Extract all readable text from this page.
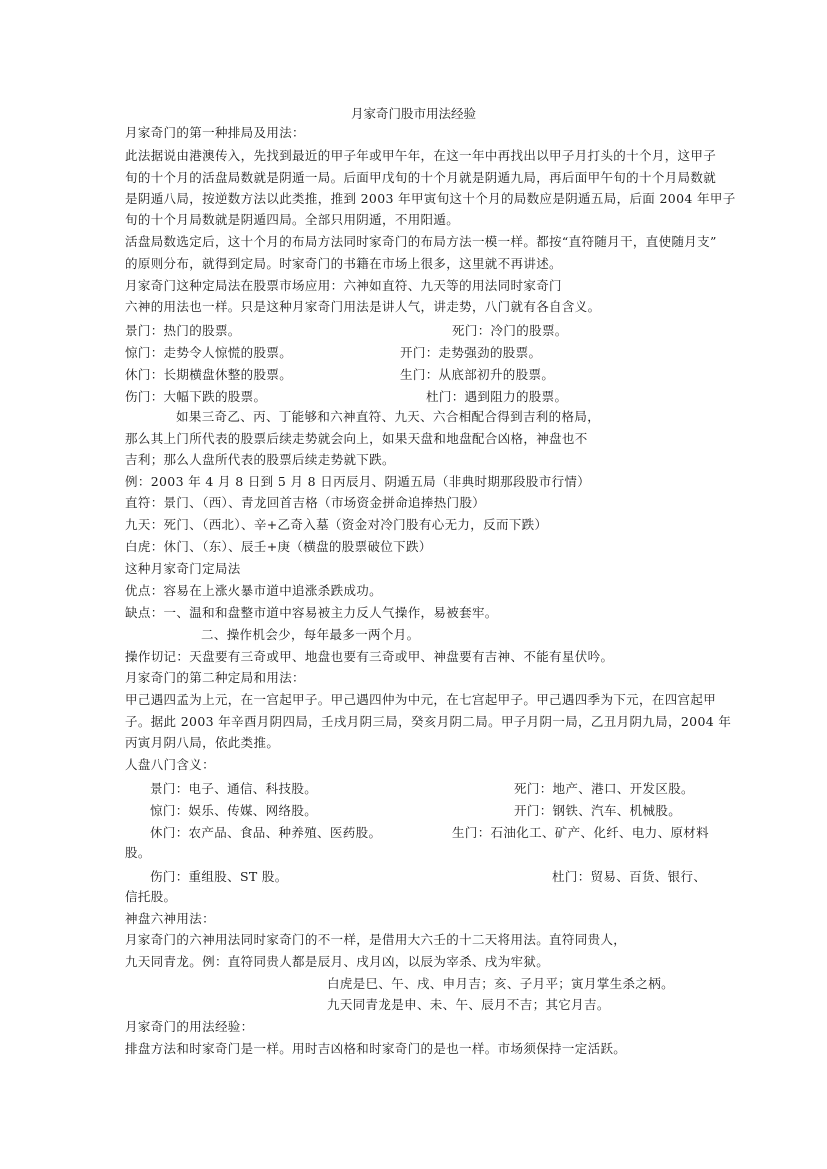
月家奇门股市用法经验
月家奇门的第一种排局及用法：
此法据说由港澳传入，先找到最近的甲子年或甲午年，在这一年中再找出以甲子月打头的十个月，这甲子
旬的十个月的活盘局数就是阴遁一局。后面甲戊旬的十个月就是阴遁九局，再后面甲午旬的十个月局数就
是阴遁八局，按逆数方法以此类推，推到 2003 年甲寅旬这十个月的局数应是阴遁五局，后面 2004 年甲子
旬的十个月局数就是阴遁四局。全部只用阴遁，不用阳遁。
活盘局数选定后，这十个月的布局方法同时家奇门的布局方法一模一样。都按“直符随月干，直使随月支”
的原则分布，就得到定局。时家奇门的书籍在市场上很多，这里就不再讲述。
月家奇门这种定局法在股票市场应用：六神如直符、九天等的用法同时家奇门
六神的用法也一样。只是这种月家奇门用法是讲人气，讲走势，八门就有各自含义。
景门：热门的股票。	死门：冷门的股票。
惊门：走势令人惊慌的股票。	开门：走势强劲的股票。
休门：长期横盘休整的股票。	生门：从底部初升的股票。
伤门：大幅下跌的股票。	杜门：遇到阻力的股票。
如果三奇乙、丙、丁能够和六神直符、九天、六合相配合得到吉利的格局，
那么其上门所代表的股票后续走势就会向上，如果天盘和地盘配合凶格，神盘也不
吉利；那么人盘所代表的股票后续走势就下跌。
例：2003 年 4 月 8 日到 5 月 8 日丙辰月、阴遁五局（非典时期那段股市行情）
直符：景门、（西）、青龙回首吉格（市场资金拼命追捧热门股）
九天：死门、（西北）、辛+乙奇入墓（资金对冷门股有心无力，反而下跌）
白虎：休门、（东）、辰壬+庚（横盘的股票破位下跌）
这种月家奇门定局法
优点：容易在上涨火暴市道中追涨杀跌成功。
缺点：一、温和和盘整市道中容易被主力反人气操作，易被套牢。
二、操作机会少，每年最多一两个月。
操作切记：天盘要有三奇或甲、地盘也要有三奇或甲、神盘要有吉神、不能有星伏吟。
月家奇门的第二种定局和用法：
甲己遇四孟为上元，在一宫起甲子。甲己遇四仲为中元，在七宫起甲子。甲己遇四季为下元，在四宫起甲
子。据此 2003 年辛酉月阴四局，壬戌月阴三局，癸亥月阴二局。甲子月阴一局，乙丑月阴九局，2004 年
丙寅月阴八局，依此类推。
人盘八门含义：
景门：电子、通信、科技股。	死门：地产、港口、开发区股。
惊门：娱乐、传媒、网络股。	开门：钢铁、汽车、机械股。
休门：农产品、食品、种养殖、医药股。	生门：石油化工、矿产、化纤、电力、原材料
股。
伤门：重组股、ST 股。	杜门：贸易、百货、银行、
信托股。
神盘六神用法：
月家奇门的六神用法同时家奇门的不一样，是借用大六壬的十二天将用法。直符同贵人，
九天同青龙。例：直符同贵人都是辰月、戌月凶，以辰为宰杀、戌为牢狱。
白虎是巳、午、戌、申月吉；亥、子月平；寅月掌生杀之柄。
九天同青龙是申、未、午、辰月不吉；其它月吉。
月家奇门的用法经验：
排盘方法和时家奇门是一样。用时吉凶格和时家奇门的是也一样。市场须保持一定活跃。
